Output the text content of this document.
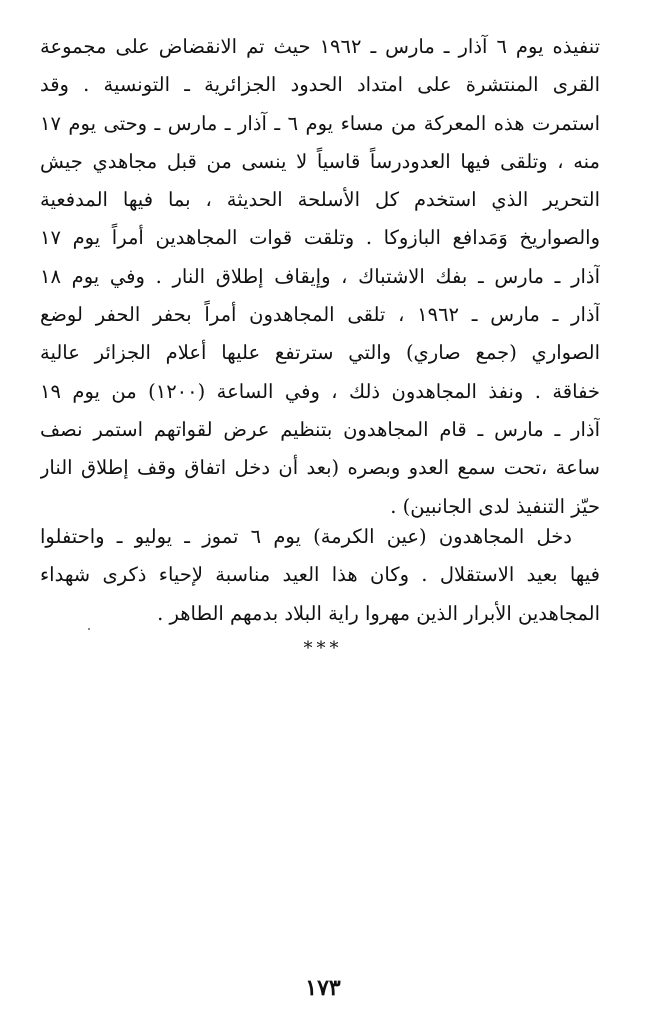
تنفيذه يوم ٦ آذار ـ مارس ـ ١٩٦٢ حيث تم الانقضاض على مجموعة
القرى المنتشرة على امتداد الحدود الجزائرية ـ التونسية . وقد
استمرت هذه المعركة من مساء يوم ٦ ـ آذار ـ مارس ـ وحتى يوم ١٧
منه ، وتلقى فيها العدودرساً قاسياً لا ينسى من قبل مجاهدي جيش
التحرير الذي استخدم كل الأسلحة الحديثة ، بما فيها المدفعية
والصواريخ وَمَدافع البازوكا . وتلقت قوات المجاهدين أمراً يوم ١٧
آذار ـ مارس ـ بفك الاشتباك ، وإيقاف إطلاق النار . وفي يوم ١٨
آذار ـ مارس ـ ١٩٦٢ ، تلقى المجاهدون أمراً بحفر الحفر لوضع
الصواري (جمع صاري) والتي سترتفع عليها أعلام الجزائر عالية
خفاقة . ونفذ المجاهدون ذلك ، وفي الساعة (١٢٠٠) من يوم ١٩
آذار ـ مارس ـ قام المجاهدون بتنظيم عرض لقواتهم استمر نصف
ساعة ،تحت سمع العدو وبصره (بعد أن دخل اتفاق وقف إطلاق النار
حيّز التنفيذ لدى الجانبين) .
دخل المجاهدون (عين الكرمة) يوم ٦ تموز ـ يوليو ـ واحتفلوا
فيها بعيد الاستقلال . وكان هذا العيد مناسبة لإحياء ذكرى شهداء
المجاهدين الأبرار الذين مهروا راية البلاد بدمهم الطاهر .
***
١٧٣
